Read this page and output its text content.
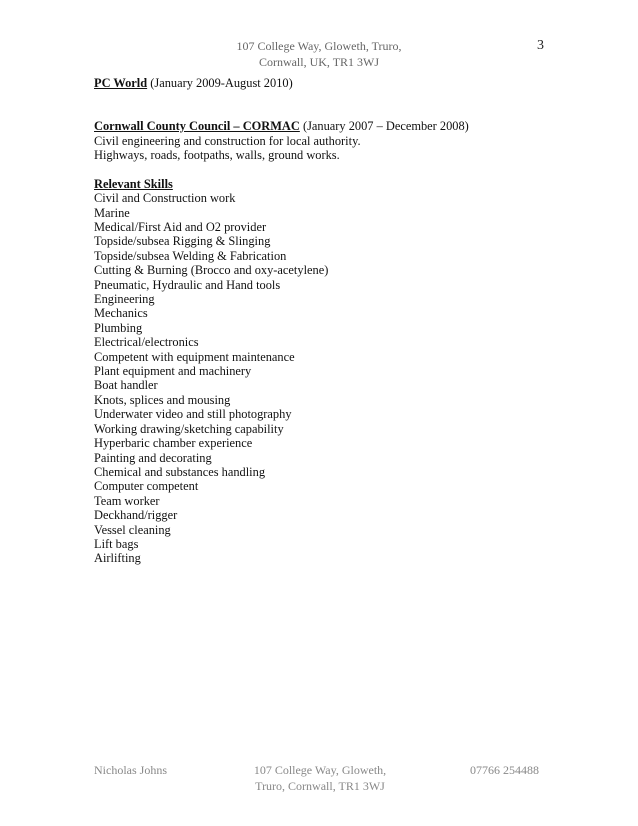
107 College Way, Gloweth, Truro,
Cornwall, UK, TR1 3WJ
3

PC World (January 2009-August 2010)

Cornwall County Council – CORMAC (January 2007 – December 2008)

Civil engineering and construction for local authority.

Highways, roads, footpaths, walls, ground works.

Relevant Skills

Civil and Construction work
Marine
Medical/First Aid and O2 provider
Topside/subsea Rigging & Slinging
Topside/subsea Welding & Fabrication
Cutting & Burning (Brocco and oxy-acetylene)
Pneumatic, Hydraulic and Hand tools
Engineering
Mechanics
Plumbing
Electrical/electronics
Competent with equipment maintenance
Plant equipment and machinery
Boat handler
Knots, splices and mousing
Underwater video and still photography
Working drawing/sketching capability
Hyperbaric chamber experience
Painting and decorating
Chemical and substances handling
Computer competent
Team worker
Deckhand/rigger
Vessel cleaning
Lift bags
Airlifting
Nicholas Johns	107 College Way, Gloweth,
Truro, Cornwall, TR1 3WJ
07766 254488
